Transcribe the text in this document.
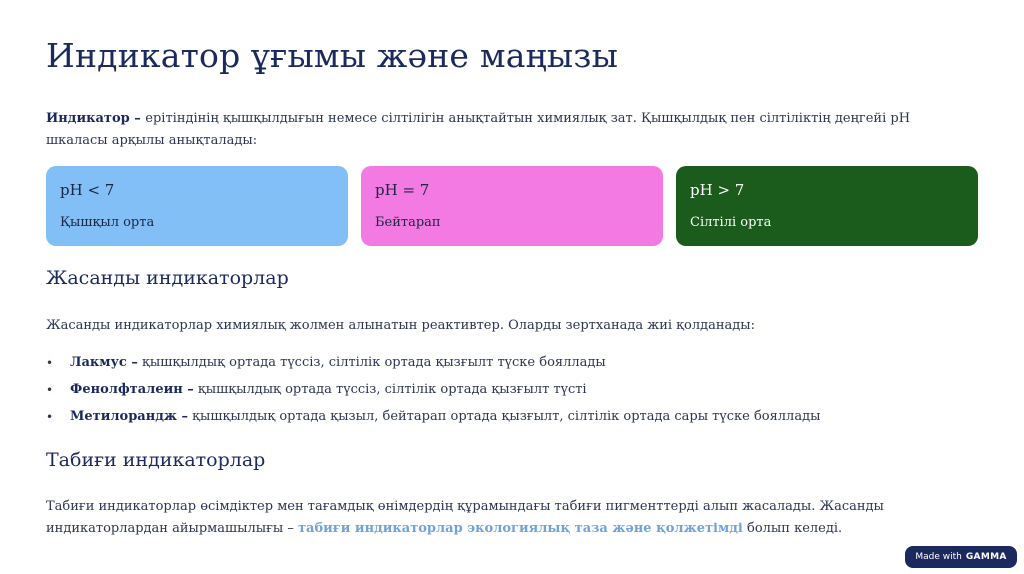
Индикатор ұғымы және маңызы
Индикатор – ерітіндінің қышқылдығын немесе сілтілігін анықтайтын химиялық зат. Қышқылдық пен сілтіліктің деңгейі pH шкаласы арқылы анықталады:
pH < 7
Қышқыл орта
pH = 7
Бейтарап
pH > 7
Сілтілі орта
Жасанды индикаторлар
Жасанды индикаторлар химиялық жолмен алынатын реактивтер. Оларды зертханада жиі қолданады:
• Лакмус – қышқылдық ортада түссіз, сілтілік ортада қызғылт түске бояллады
• Фенолфталеин – қышқылдық ортада түссіз, сілтілік ортада қызғылт түсті
• Метилорандж – қышқылдық ортада қызыл, бейтарап ортада қызғылт, сілтілік ортада сары түске бояллады
Табиғи индикаторлар
Табиғи индикаторлар өсімдіктер мен тағамдық өнімдердің құрамындағы табиғи пигменттерді алып жасалады. Жасанды индикаторлардан айырмашылығы – табиғи индикаторлар экологиялық таза және қолжетімді болып келеді.
Made with GAMMA
